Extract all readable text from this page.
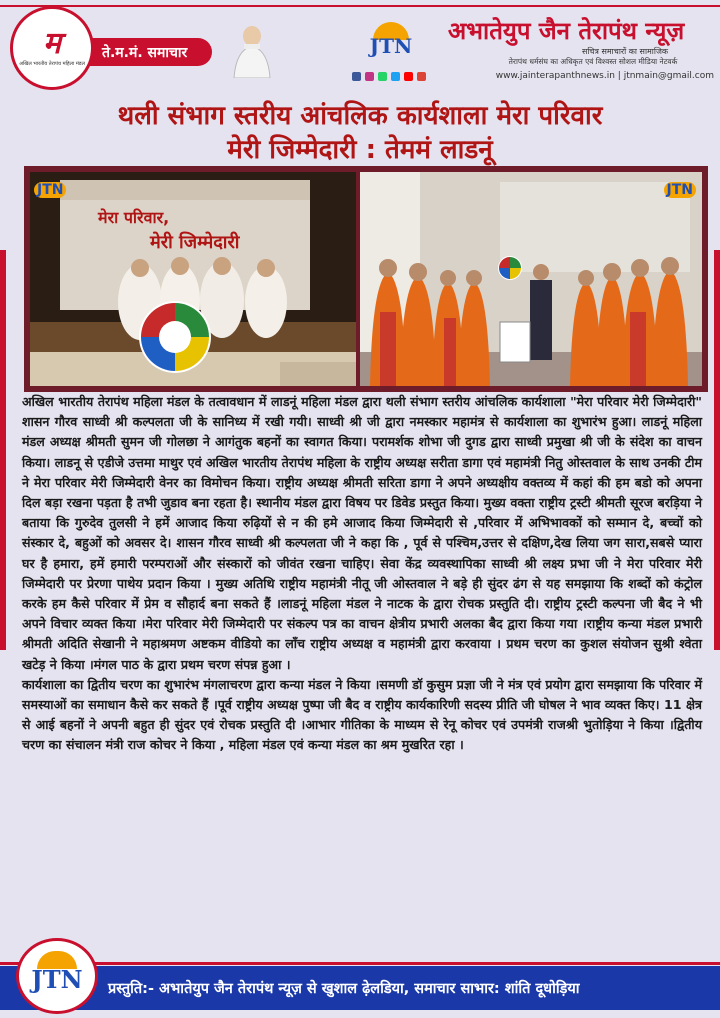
ते.म.मं. समाचार
म
अखिल भारतीय तेरापंथ महिला मंडल
JTN
अभातेयुप जैन तेरापंथ न्यूज़
सचित्र समाचारों का सामाजिक
तेरापंथ धर्मसंघ का अधिकृत एवं विश्वस्त सोशल मीडिया नेटवर्क
www.jainterapanthnews.in | jtnmain@gmail.com
थली संभाग स्तरीय आंचलिक कार्यशाला मेरा परिवार
मेरी जिम्मेदारी : तेममं लाडनूं
मेरा परिवार,
मेरी जिम्मेदारी
JTN	JTN

अखिल भारतीय तेरापंथ महिला मंडल के तत्वावधान में लाडनूं महिला मंडल द्वारा थली संभाग स्तरीय आंचलिक कार्यशाला "मेरा परिवार मेरी जिम्मेदारी" शासन गौरव साध्वी श्री कल्पलता जी के सानिध्य में रखी गयी। साध्वी श्री जी द्वारा नमस्कार महामंत्र से कार्यशाला का शुभारंभ हुआ। लाडनूं महिला मंडल अध्यक्ष श्रीमती सुमन जी गोलछा ने आगंतुक बहनों का स्वागत किया। परामर्शक शोभा जी दुगड द्वारा साध्वी प्रमुखा श्री जी के संदेश का वाचन किया। लाडनू से एडीजे उत्तमा माथुर एवं अखिल भारतीय तेरापंथ महिला के राष्ट्रीय अध्यक्ष सरीता डागा एवं महामंत्री नितु ओस्तवाल के साथ उनकी टीम ने मेरा परिवार मेरी जिम्मेदारी वेनर का विमोचन किया। राष्ट्रीय अध्यक्ष श्रीमती सरिता डागा ने अपने अध्यक्षीय वक्तव्य में कहां की हम बडो को अपना दिल बड़ा रखना पड़ता है तभी जुडाव बना रहता है। स्थानीय मंडल द्वारा विषय पर डिवेड प्रस्तुत किया। मुख्य वक्ता राष्ट्रीय ट्रस्टी श्रीमती सूरज बरड़िया ने बताया कि गुरुदेव तुलसी ने हमें आजाद किया रुढ़ियों से न की हमे आजाद किया जिम्मेदारी से ,परिवार में अभिभावकों को सम्मान दे, बच्चों को संस्कार दे, बहुओं को अवसर दे। शासन गौरव साध्वी श्री कल्पलता जी ने कहा कि , पूर्व से पश्चिम,उत्तर से दक्षिण,देख लिया जग सारा,सबसे प्यारा घर है हमारा, हमें हमारी परम्पराओं और संस्कारों को जीवंत रखना चाहिए। सेवा केंद्र व्यवस्थापिका साध्वी श्री लक्ष्य प्रभा जी ने मेरा परिवार मेरी जिम्मेदारी पर प्रेरणा पाथेय प्रदान किया । मुख्य अतिथि राष्ट्रीय महामंत्री नीतू जी ओस्तवाल ने बड़े ही सुंदर ढंग से यह समझाया कि शब्दों को कंट्रोल करके हम कैसे परिवार में प्रेम व सौहार्द बना सकते हैं ।लाडनूं महिला मंडल ने नाटक के द्वारा रोचक प्रस्तुति दी। राष्ट्रीय ट्रस्टी कल्पना जी बैद ने भी अपने विचार व्यक्त किया ।मेरा परिवार मेरी जिम्मेदारी पर संकल्प पत्र का वाचन क्षेत्रीय प्रभारी अलका बैद द्वारा किया गया ।राष्ट्रीय कन्या मंडल प्रभारी श्रीमती अदिति सेखानी ने महाश्रमण अष्टकम वीडियो का लाँच राष्ट्रीय अध्यक्ष व महामंत्री द्वारा करवाया । प्रथम चरण का कुशल संयोजन सुश्री श्वेता खटेड़ ने किया ।मंगल पाठ के द्वारा प्रथम चरण संपन्न हुआ ।

कार्यशाला का द्वितीय चरण का शुभारंभ मंगलाचरण द्वारा कन्या मंडल ने किया ।समणी डॉ कुसुम प्रज्ञा जी ने मंत्र एवं प्रयोग द्वारा समझाया कि परिवार में समस्याओं का समाधान कैसे कर सकते हैं ।पूर्व राष्ट्रीय अध्यक्ष पुष्पा जी बैद व राष्ट्रीय कार्यकारिणी सदस्य प्रीति जी घोषल ने भाव व्यक्त किए। 11 क्षेत्र से आई बहनों ने अपनी बहुत ही सुंदर एवं रोचक प्रस्तुति दी ।आभार गीतिका के माध्यम से रेनू कोचर एवं उपमंत्री राजश्री भुतोड़िया ने किया ।द्वितीय चरण का संचालन मंत्री राज कोचर ने किया , महिला मंडल एवं कन्या मंडल का श्रम मुखरित रहा ।

JTN	प्रस्तुति:- अभातेयुप जैन तेरापंथ न्यूज़ से खुशाल ढ़ेलडिया, समाचार साभार: शांति दूधोड़िया
